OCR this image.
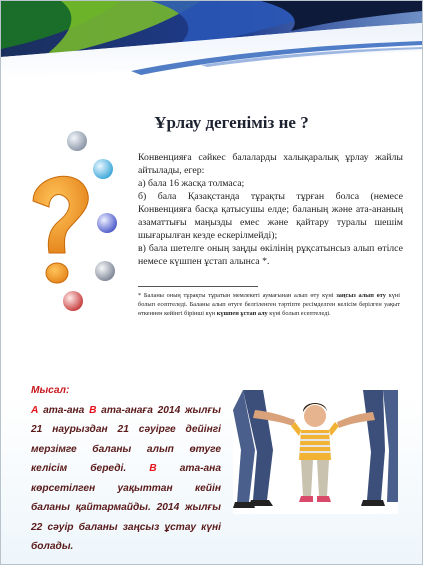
Ұрлау дегеніміз не ?
Конвенцияға сәйкес балаларды халықаралық ұрлау жайлы айтылады, егер:
а) бала 16 жасқа толмаса;
б) бала Қазақстанда тұрақты тұрған болса (немесе Конвенцияға басқа қатысушы елде; баланың және ата-ананың азаматтығы маңызды емес және қайтару туралы шешім шығарылған кезде ескерілмейді);
в) бала шетелге оның заңды өкілінің рұқсатынсыз алып өтілсе немесе күшпен ұстап алынса *.
* Баланы оның тұрақты тұратын мемлекеті аумағынан алып өту күні заңсыз алып өту күні болып есептеледі. Баланы алып өтуге белгіленген тәртіпте ресімделген келісім берілген уақыт өткеннен кейінгі бірінші күн күшпен ұстап алу күні болып есептеледі.
Мысал:
А ата-ана В ата-анаға 2014 жылғы 21 наурыздан 21 сәуірге дейінгі мерзімге баланы алып өтуге келісім береді. В ата-ана көрсетілген уақыттан кейін баланы қайтармайды. 2014 жылғы 22 сәуір баланы заңсыз ұстау күні болады.
